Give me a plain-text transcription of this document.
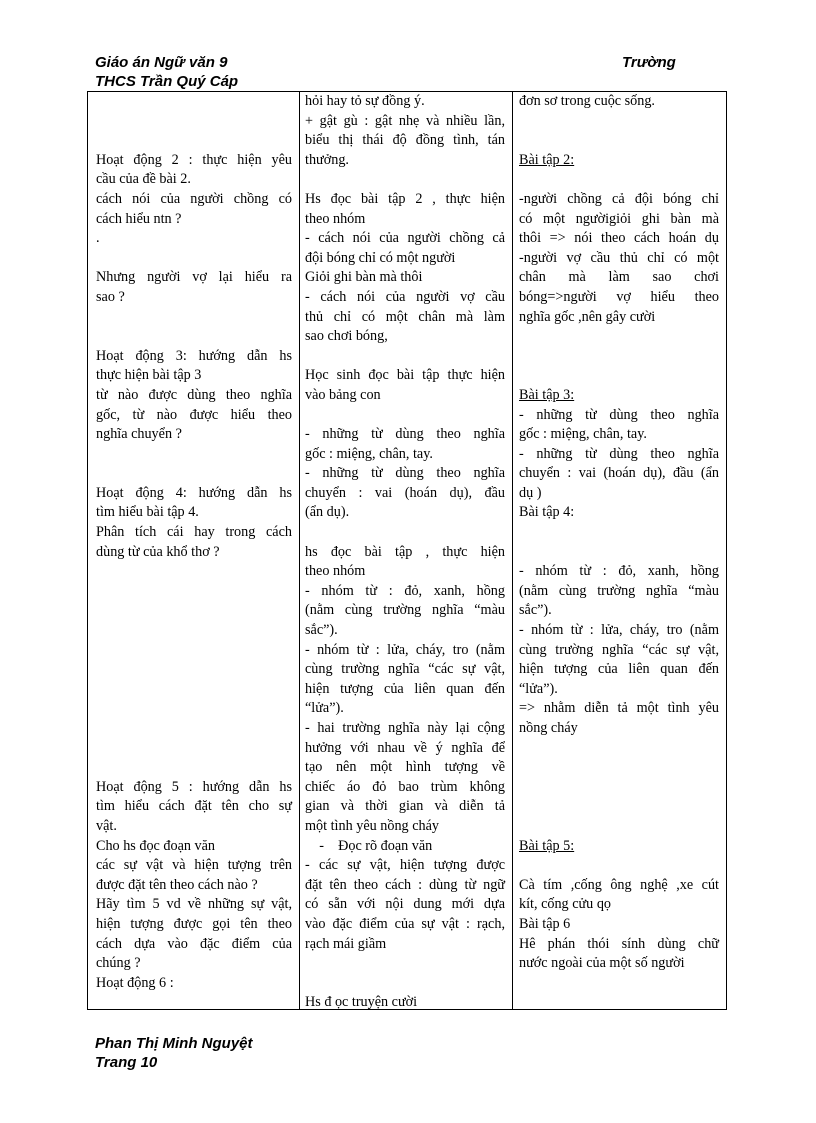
Giáo án Ngữ văn 9
THCS Trần Quý Cáp
Trường

Hoạt động 2 : thực hiện yêu

cầu của đề bài 2.

cách nói của người chồng có

cách hiểu ntn ?

.

Nhưng người vợ lại hiểu ra

sao ?

Hoạt động 3: hướng dẫn hs

thực hiện bài tập 3

từ nào được dùng theo nghĩa

gốc, từ nào được hiểu theo

nghĩa chuyển ?

Hoạt động 4: hướng dẫn hs

tìm hiểu bài tập 4.

Phân tích cái hay trong cách

dùng từ của khổ thơ ?

Hoạt động 5 : hướng dẫn hs

tìm hiểu cách đặt tên cho sự

vật.

Cho hs đọc đoạn văn

các sự vật và hiện tượng trên

được đặt tên theo cách nào ?

Hãy tìm 5 vd về những sự vật,

hiện tượng được gọi tên theo

cách dựa vào đặc điểm của

chúng ?

Hoạt động 6 :

hỏi hay tỏ sự đồng ý.

+ gật gù : gật nhẹ và nhiều lần,

biểu thị thái độ đồng tình, tán

thưởng.

Hs đọc bài tập 2 , thực hiện

theo nhóm

- cách nói của người chồng cả

đội bóng chỉ có một người

Giỏi ghi bàn mà thôi

- cách nói của người vợ cầu

thủ chỉ có một chân mà làm

sao chơi bóng,

Học sinh đọc bài tập thực hiện

vào bảng con

- những từ dùng theo nghĩa

gốc : miệng, chân, tay.

- những từ dùng theo nghĩa

chuyển : vai (hoán dụ), đầu

(ẩn dụ).

hs đọc bài tập , thực hiện

theo nhóm

- nhóm từ : đỏ, xanh, hồng

(nằm cùng trường nghĩa “màu

sắc”).

- nhóm từ : lửa, cháy, tro (nằm

cùng trường nghĩa “các sự vật,

hiện tượng của liên quan đến

“lửa”).

- hai trường nghĩa này lại cộng

hưởng với nhau về ý nghĩa để

tạo nên một hình tượng về

chiếc áo đỏ bao trùm không

gian và thời gian và diễn tả

một tình yêu nồng cháy

-    Đọc rõ đoạn văn

- các sự vật, hiện tượng được

đặt tên theo cách : dùng từ ngữ

có sẵn với nội dung mới dựa

vào đặc điểm của sự vật : rạch,

rạch mái giầm

Hs đ ọc truyện cười

đơn sơ trong cuộc sống.

Bài tập 2:

-người chồng cả đội bóng chỉ

có một ngườigiỏi ghi bàn mà

thôi => nói theo cách hoán dụ

-người vợ cầu thủ chỉ có một

chân mà làm sao chơi

bóng=>người vợ hiểu theo

nghĩa gốc ,nên gây cười

Bài tập 3:

- những từ dùng theo nghĩa

gốc : miệng, chân, tay.

- những từ dùng theo nghĩa

chuyển : vai (hoán dụ), đầu (ẩn

dụ )

Bài tập 4:

- nhóm từ : đỏ, xanh, hồng

(nằm cùng trường nghĩa “màu

sắc”).

- nhóm từ : lửa, cháy, tro (nằm

cùng trường nghĩa “các sự vật,

hiện tượng của liên quan đến

“lửa”).

=> nhằm diễn tả một tình yêu

nồng cháy

Bài tập 5:

Cà tím ,cống ông nghệ ,xe cút

kít, cống cửu qọ

Bài tập 6

Hê phán thói sính dùng chữ

nước ngoài của một số người

Phan Thị Minh Nguyệt
Trang 10
